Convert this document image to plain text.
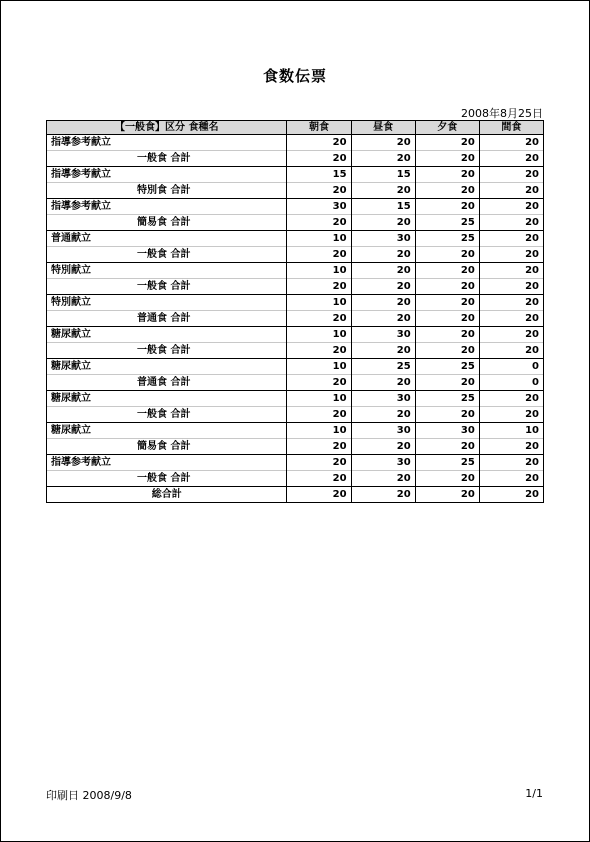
食数伝票
2008年8月25日
【一般食】区分 食種名	朝食	昼食	夕食	間食
指導参考献立	20	20	20	20
一般食 合計	20	20	20	20
指導参考献立	15	15	20	20
特別食 合計	20	20	20	20
指導参考献立	30	15	20	20
簡易食 合計	20	20	25	20
普通献立	10	30	25	20
一般食 合計	20	20	20	20
特別献立	10	20	20	20
一般食 合計	20	20	20	20
特別献立	10	20	20	20
普通食 合計	20	20	20	20
糖尿献立	10	30	20	20
一般食 合計	20	20	20	20
糖尿献立	10	25	25	0
普通食 合計	20	20	20	0
糖尿献立	10	30	25	20
一般食 合計	20	20	20	20
糖尿献立	10	30	30	10
簡易食 合計	20	20	20	20
指導参考献立	20	30	25	20
一般食 合計	20	20	20	20
総合計	20	20	20	20
印刷日 2008/9/8	1/1
